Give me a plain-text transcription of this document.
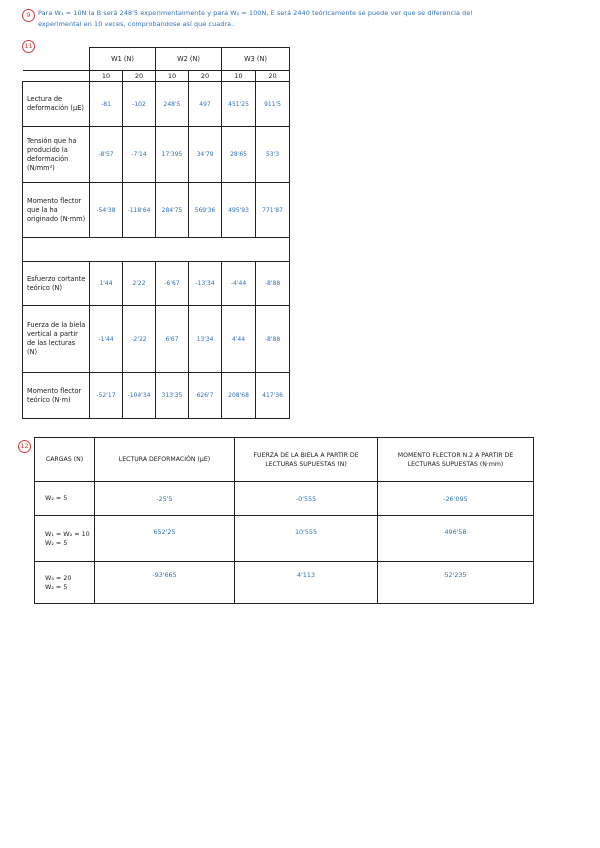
9	Para W₁ = 10N la B será 248'5 experimentalmente y para W₂ = 100N, E será 2440 teóricamente se puede ver que se diferencia del
experimental en 10 veces, comprobandose así que cuadra.
11
	W1 (N)		W2 (N)		W3 (N)	
	10	20	10	20	10	20
Lectura de deformación (μE)	-81	-102	248'5	497	451'25	911'5
Tensión que ha producido la deformación (N/mm²)	-8'57	-7'14	17'395	34'79	28'65	53'3
Momento flector que la ha originado (N·mm)	-54'38	-118'64	284'75	569'36	495'93	771'87

Esfuerzo cortante teórico (N)	1'44	2'22	-6'67	-13'34	-4'44	-8'88
Fuerza de la biela vertical a partir de las lecturas (N)	-1'44	-2'22	6'67	13'34	4'44	-8'88
Momento flector teórico (N·m)	-52'17	-104'34	313'35	626'7	208'68	417'36
12
CARGAS (N)	LECTURA DEFORMACIÓN (μE)	FUERZA DE LA BIELA A PARTIR DE LECTURAS SUPUESTAS (N)	MOMENTO FLECTOR N.2 A PARTIR DE LECTURAS SUPUESTAS (N·mm)

W₂ = 5	-25'5	-0'555	-26'095

W₁ = W₂ = 10
W₂ = 5	652'25	10'555	496'58

W₃ = 20
W₂ = 5	-93'665	4'113	52'235
